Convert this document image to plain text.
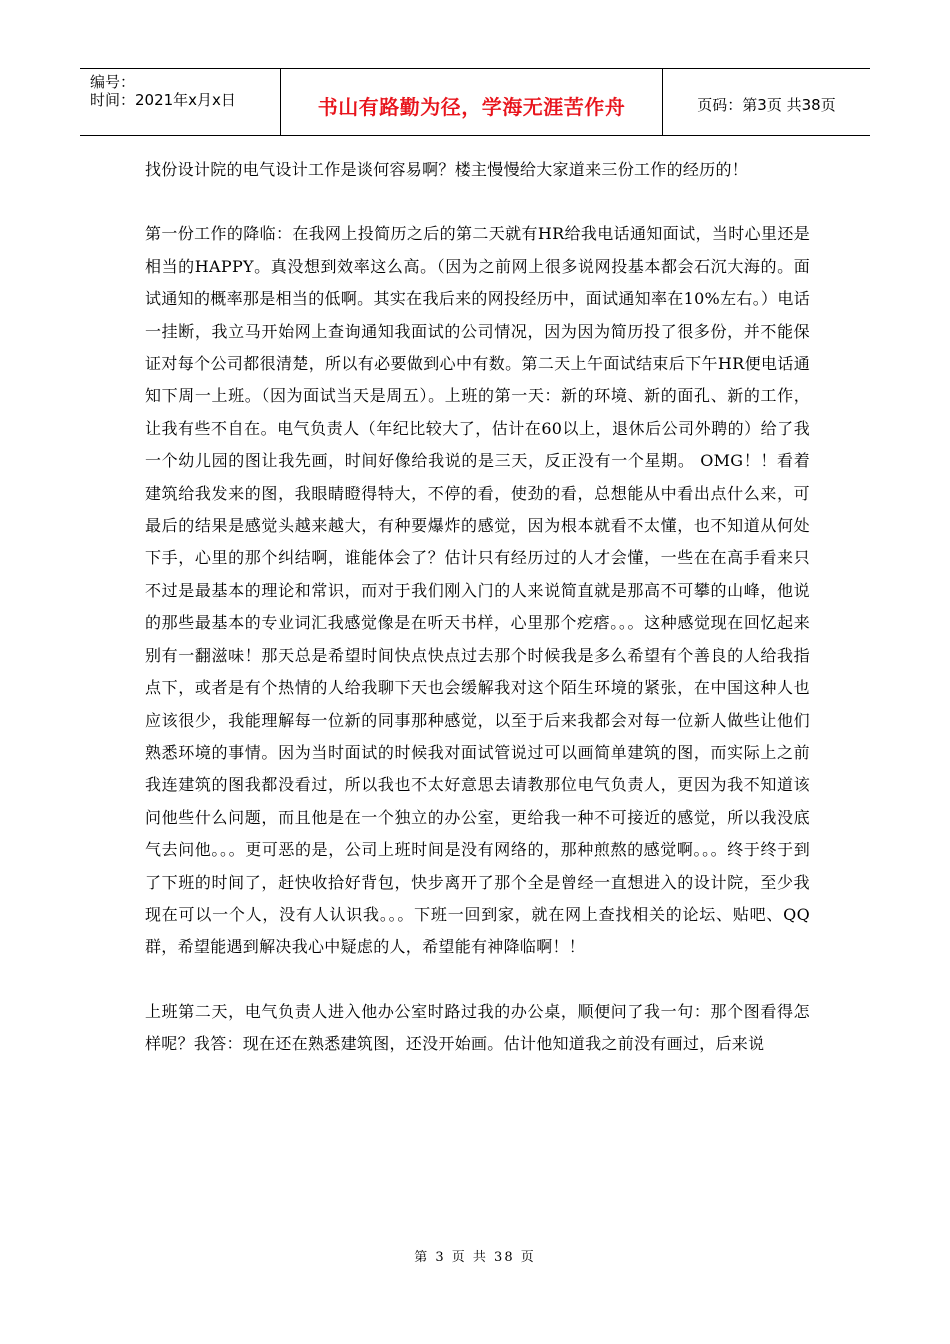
编号：
时间：2021年x月x日	书山有路勤为径，学海无涯苦作舟	页码：第3页 共38页

找份设计院的电气设计工作是谈何容易啊？楼主慢慢给大家道来三份工作的经历的！

第一份工作的降临：在我网上投简历之后的第二天就有HR给我电话通知面试，当时心里还是相当的HAPPY。真没想到效率这么高。（因为之前网上很多说网投基本都会石沉大海的。面试通知的概率那是相当的低啊。其实在我后来的网投经历中，面试通知率在10%左右。）电话一挂断，我立马开始网上查询通知我面试的公司情况，因为因为简历投了很多份，并不能保证对每个公司都很清楚，所以有必要做到心中有数。第二天上午面试结束后下午HR便电话通知下周一上班。（因为面试当天是周五）。上班的第一天：新的环境、新的面孔、新的工作，让我有些不自在。电气负责人（年纪比较大了，估计在60以上，退休后公司外聘的）给了我一个幼儿园的图让我先画，时间好像给我说的是三天，反正没有一个星期。 OMG！！看着建筑给我发来的图，我眼睛瞪得特大，不停的看，使劲的看，总想能从中看出点什么来，可最后的结果是感觉头越来越大，有种要爆炸的感觉，因为根本就看不太懂，也不知道从何处下手，心里的那个纠结啊，谁能体会了？估计只有经历过的人才会懂，一些在在高手看来只不过是最基本的理论和常识，而对于我们刚入门的人来说简直就是那高不可攀的山峰，他说的那些最基本的专业词汇我感觉像是在听天书样，心里那个疙瘩。。。这种感觉现在回忆起来别有一翻滋味！那天总是希望时间快点快点过去那个时候我是多么希望有个善良的人给我指点下，或者是有个热情的人给我聊下天也会缓解我对这个陌生环境的紧张，在中国这种人也应该很少，我能理解每一位新的同事那种感觉，以至于后来我都会对每一位新人做些让他们熟悉环境的事情。因为当时面试的时候我对面试管说过可以画简单建筑的图，而实际上之前我连建筑的图我都没看过，所以我也不太好意思去请教那位电气负责人，更因为我不知道该问他些什么问题，而且他是在一个独立的办公室，更给我一种不可接近的感觉，所以我没底气去问他。。。更可恶的是，公司上班时间是没有网络的，那种煎熬的感觉啊。。。终于终于到了下班的时间了，赶快收拾好背包，快步离开了那个全是曾经一直想进入的设计院，至少我现在可以一个人，没有人认识我。。。下班一回到家，就在网上查找相关的论坛、贴吧、QQ群，希望能遇到解决我心中疑虑的人，希望能有神降临啊！！

上班第二天，电气负责人进入他办公室时路过我的办公桌，顺便问了我一句：那个图看得怎样呢？我答：现在还在熟悉建筑图，还没开始画。估计他知道我之前没有画过，后来说

第 3 页 共 38 页
